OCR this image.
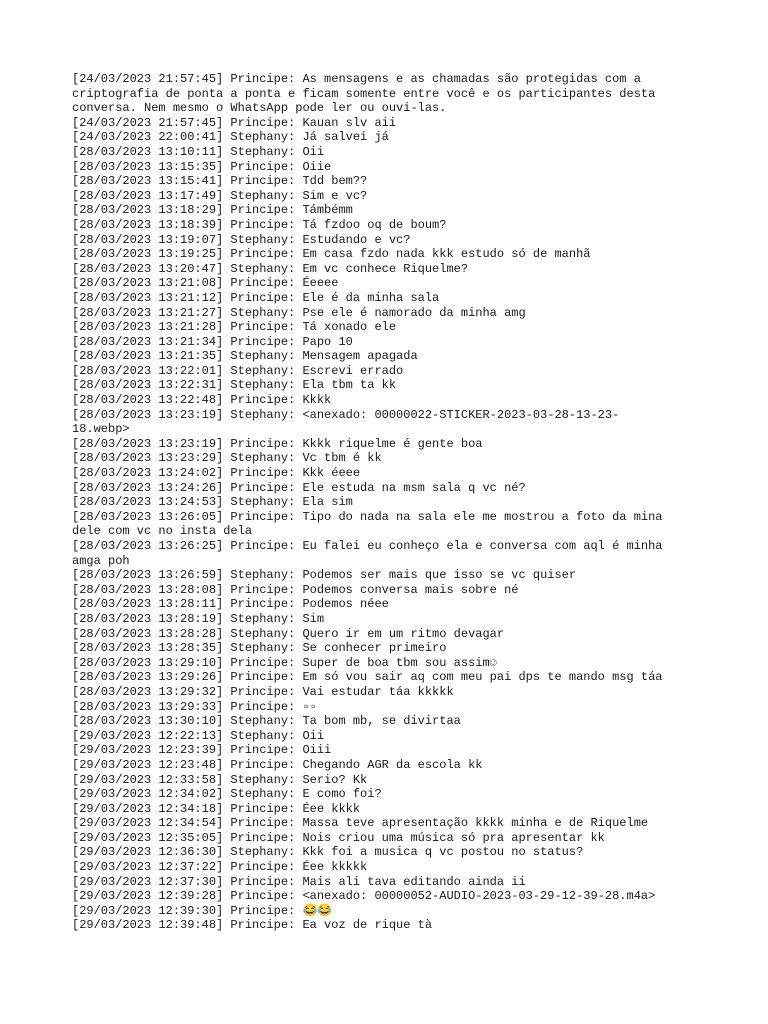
[24/03/2023 21:57:45] Principe: As mensagens e as chamadas são protegidas com a
criptografia de ponta a ponta e ficam somente entre você e os participantes desta
conversa. Nem mesmo o WhatsApp pode ler ou ouvi-las.
[24/03/2023 21:57:45] Principe: Kauan slv aii
[24/03/2023 22:00:41] Stephany: Já salvei já
[28/03/2023 13:10:11] Stephany: Oii
[28/03/2023 13:15:35] Principe: Oiie
[28/03/2023 13:15:41] Principe: Tdd bem??
[28/03/2023 13:17:49] Stephany: Sim e vc?
[28/03/2023 13:18:29] Principe: Támbémm
[28/03/2023 13:18:39] Principe: Tá fzdoo oq de boum?
[28/03/2023 13:19:07] Stephany: Estudando e vc?
[28/03/2023 13:19:25] Principe: Em casa fzdo nada kkk estudo só de manhã
[28/03/2023 13:20:47] Stephany: Em vc conhece Riquelme?
[28/03/2023 13:21:08] Principe: Éeeee
[28/03/2023 13:21:12] Principe: Ele é da minha sala
[28/03/2023 13:21:27] Stephany: Pse ele é namorado da minha amg
[28/03/2023 13:21:28] Principe: Tá xonado ele
[28/03/2023 13:21:34] Principe: Papo 10
[28/03/2023 13:21:35] Stephany: Mensagem apagada
[28/03/2023 13:22:01] Stephany: Escrevi errado
[28/03/2023 13:22:31] Stephany: Ela tbm ta kk
[28/03/2023 13:22:48] Principe: Kkkk
[28/03/2023 13:23:19] Stephany: <anexado: 00000022-STICKER-2023-03-28-13-23-
18.webp>
[28/03/2023 13:23:19] Principe: Kkkk riquelme é gente boa
[28/03/2023 13:23:29] Stephany: Vc tbm é kk
[28/03/2023 13:24:02] Principe: Kkk éeee
[28/03/2023 13:24:26] Principe: Ele estuda na msm sala q vc né?
[28/03/2023 13:24:53] Stephany: Ela sim
[28/03/2023 13:26:05] Principe: Tipo do nada na sala ele me mostrou a foto da mina
dele com vc no insta dela
[28/03/2023 13:26:25] Principe: Eu falei eu conheço ela e conversa com aql é minha
amga poh
[28/03/2023 13:26:59] Stephany: Podemos ser mais que isso se vc quiser
[28/03/2023 13:28:08] Principe: Podemos conversa mais sobre né
[28/03/2023 13:28:11] Principe: Podemos néee
[28/03/2023 13:28:19] Stephany: Sim
[28/03/2023 13:28:28] Stephany: Quero ir em um ritmo devagar
[28/03/2023 13:28:35] Stephany: Se conhecer primeiro
[28/03/2023 13:29:10] Principe: Super de boa tbm sou assim☺
[28/03/2023 13:29:26] Principe: Em só vou sair aq com meu pai dps te mando msg táa
[28/03/2023 13:29:32] Principe: Vai estudar táa kkkkk
[28/03/2023 13:29:33] Principe: ▫▫
[28/03/2023 13:30:10] Stephany: Ta bom mb, se divirtaa
[29/03/2023 12:22:13] Stephany: Oii
[29/03/2023 12:23:39] Principe: Oiii
[29/03/2023 12:23:48] Principe: Chegando AGR da escola kk
[29/03/2023 12:33:58] Stephany: Serio? Kk
[29/03/2023 12:34:02] Stephany: E como foi?
[29/03/2023 12:34:18] Principe: Éee kkkk
[29/03/2023 12:34:54] Principe: Massa teve apresentação kkkk minha e de Riquelme
[29/03/2023 12:35:05] Principe: Nois criou uma música só pra apresentar kk
[29/03/2023 12:36:30] Stephany: Kkk foi a musica q vc postou no status?
[29/03/2023 12:37:22] Principe: Éee kkkkk
[29/03/2023 12:37:30] Principe: Mais ali tava editando ainda ii
[29/03/2023 12:39:28] Principe: <anexado: 00000052-AUDIO-2023-03-29-12-39-28.m4a>
[29/03/2023 12:39:30] Principe: 😂😂
[29/03/2023 12:39:48] Principe: Ea voz de rique tà
